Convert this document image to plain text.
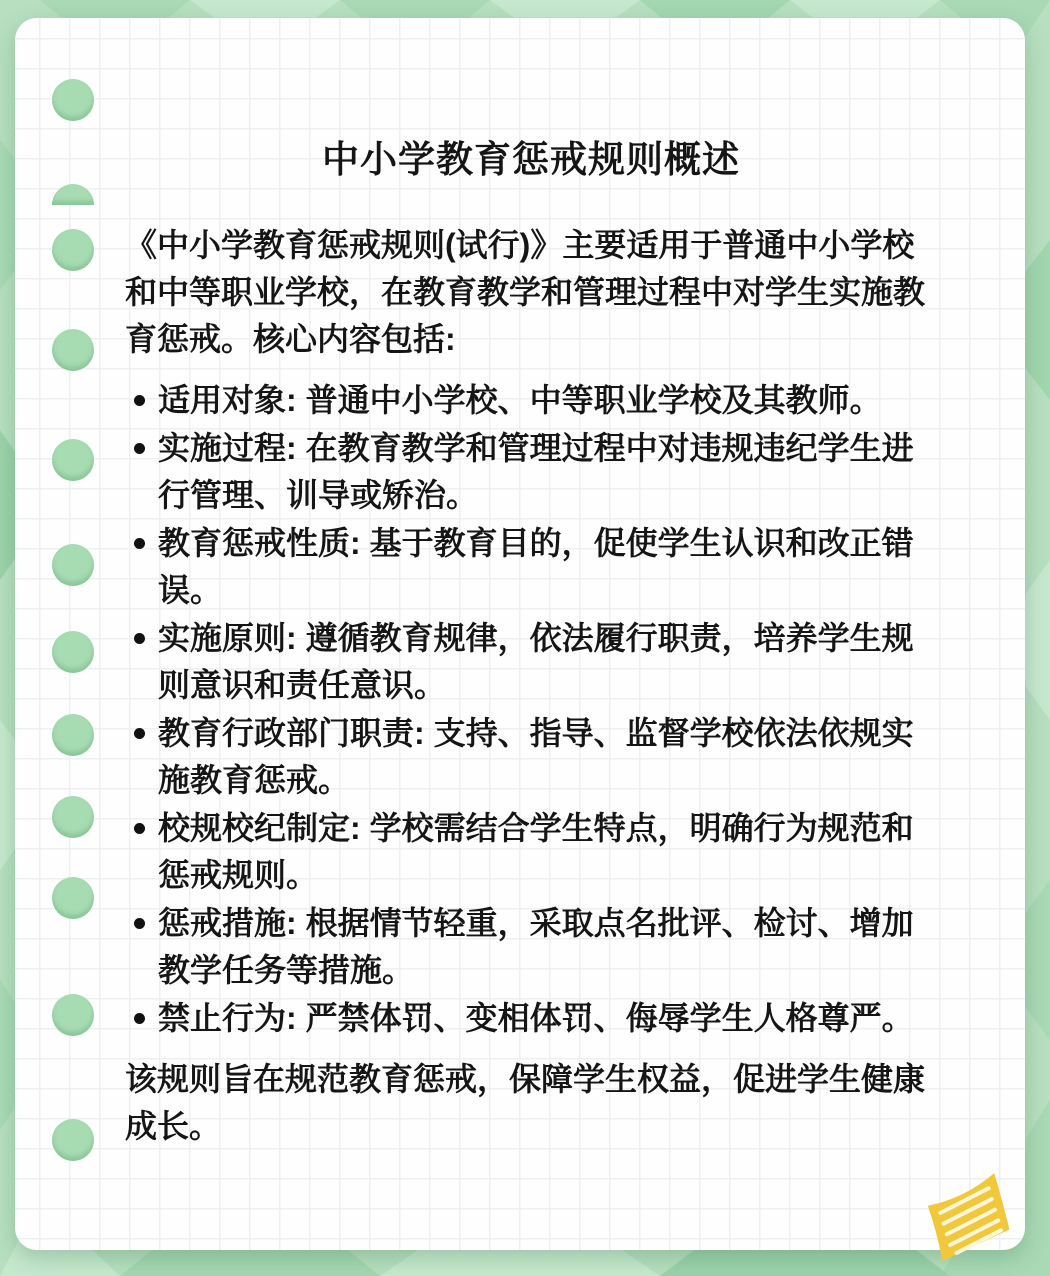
中小学教育惩戒规则概述

《中小学教育惩戒规则(试行)》主要适用于普通中小学校和中等职业学校，在教育教学和管理过程中对学生实施教育惩戒。核心内容包括:

适用对象: 普通中小学校、中等职业学校及其教师。
实施过程: 在教育教学和管理过程中对违规违纪学生进行管理、训导或矫治。
教育惩戒性质: 基于教育目的，促使学生认识和改正错误。
实施原则: 遵循教育规律，依法履行职责，培养学生规则意识和责任意识。
教育行政部门职责: 支持、指导、监督学校依法依规实施教育惩戒。
校规校纪制定: 学校需结合学生特点，明确行为规范和惩戒规则。
惩戒措施: 根据情节轻重，采取点名批评、检讨、增加教学任务等措施。
禁止行为: 严禁体罚、变相体罚、侮辱学生人格尊严。

该规则旨在规范教育惩戒，保障学生权益，促进学生健康成长。
